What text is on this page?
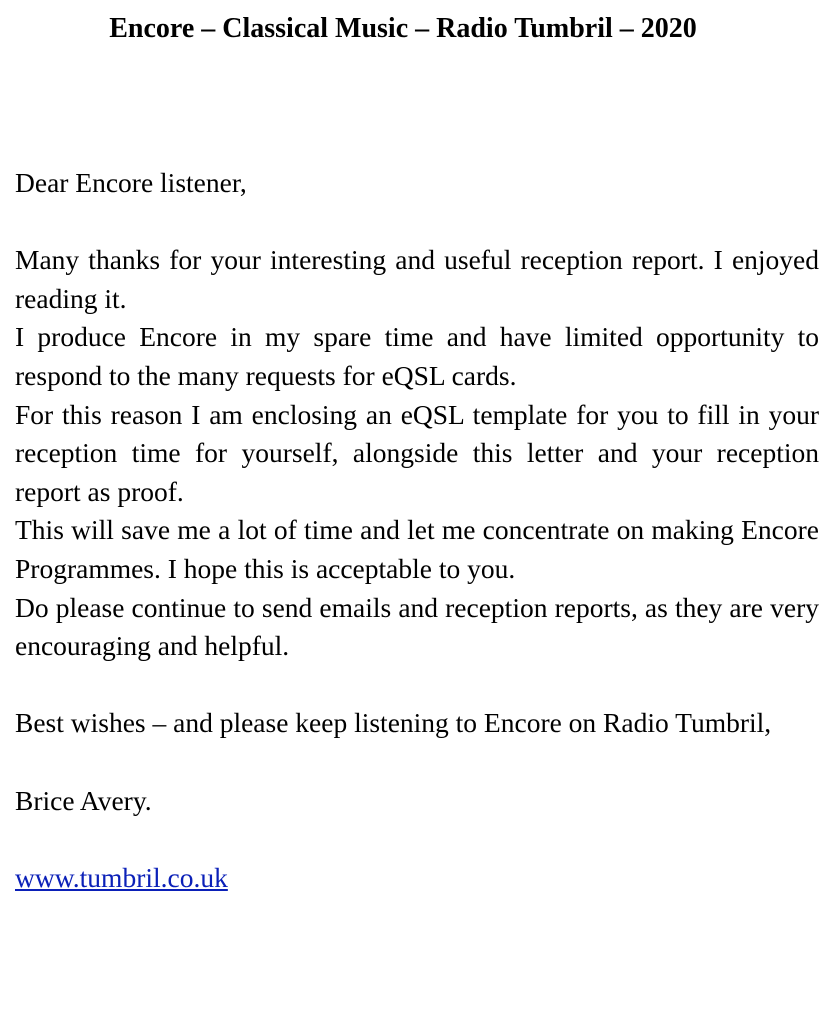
Encore – Classical Music – Radio Tumbril – 2020

Dear Encore listener,

Many thanks for your interesting and useful reception report. I enjoyed reading it.

I produce Encore in my spare time and have limited opportunity to respond to the many requests for eQSL cards.

For this reason I am enclosing an eQSL template for you to fill in your reception time for yourself, alongside this letter and your reception report as proof.

This will save me a lot of time and let me concentrate on making Encore Programmes. I hope this is acceptable to you.

Do please continue to send emails and reception reports, as they are very encouraging and helpful.

Best wishes – and please keep listening to Encore on Radio Tumbril,

Brice Avery.

www.tumbril.co.uk
